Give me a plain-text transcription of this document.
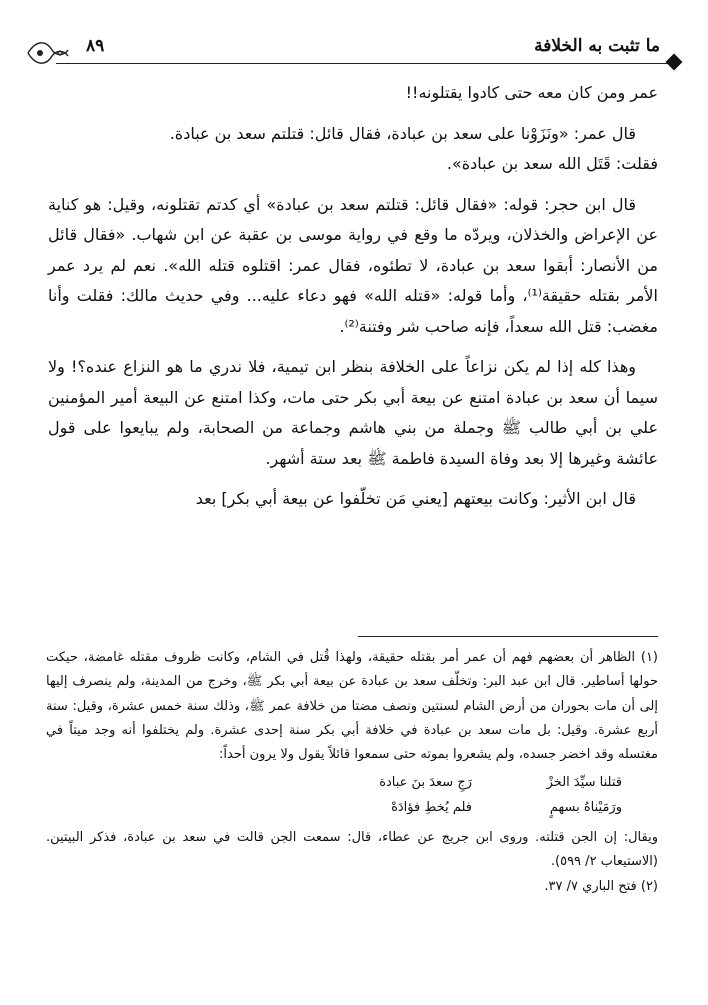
٨٩	ما تثبت به الخلافة

عمر ومن كان معه حتى كادوا يقتلونه!!

قال عمر: «ونَزَوْنا على سعد بن عبادة، فقال قائل: قتلتم سعد بن عبادة.

فقلت: قَتَل الله سعد بن عبادة».

قال ابن حجر: قوله: «فقال قائل: قتلتم سعد بن عبادة» أي كدتم تقتلونه، وقيل: هو كناية عن الإعراض والخذلان، ويردّه ما وقع في رواية موسى بن عقبة عن ابن شهاب. «فقال قائل من الأنصار: أبقوا سعد بن عبادة، لا تطئوه، فقال عمر: اقتلوه قتله الله». نعم لم يرد عمر الأمر بقتله حقيقة⁽¹⁾، وأما قوله: «قتله الله» فهو دعاء عليه... وفي حديث مالك: فقلت وأنا مغضب: قتل الله سعداً، فإنه صاحب شر وفتنة⁽²⁾.

وهذا كله إذا لم يكن نزاعاً على الخلافة بنظر ابن تيمية، فلا ندري ما هو النزاع عنده؟! ولا سيما أن سعد بن عبادة امتنع عن بيعة أبي بكر حتى مات، وكذا امتنع عن البيعة أمير المؤمنين علي بن أبي طالب ﷺ وجملة من بني هاشم وجماعة من الصحابة، ولم يبايعوا على قول عائشة وغيرها إلا بعد وفاة السيدة فاطمة ﷺ بعد ستة أشهر.

قال ابن الأثير: وكانت بيعتهم [يعني مَن تخلّفوا عن بيعة أبي بكر] بعد

(١) الظاهر أن بعضهم فهم أن عمر أمر بقتله حقيقة، ولهذا قُتل في الشام، وكانت ظروف مقتله غامضة، حيكت حولها أساطير. قال ابن عبد البر: وتخلّف سعد بن عبادة عن بيعة أبي بكر ﷺ، وخرج من المدينة، ولم ينصرف إليها إلى أن مات بحوران من أرض الشام لسنتين ونصف مضتا من خلافة عمر ﷺ، وذلك سنة خمس عشرة، وقيل: سنة أربع عشرة. وقيل: بل مات سعد بن عبادة في خلافة أبي بكر سنة إحدى عشرة. ولم يختلفوا أنه وجد ميتاً في مغتسله وقد اخضر جسده، ولم يشعروا بموته حتى سمعوا قائلاً يقول ولا يرون أحداً:

قتلنا سيِّدَ الخزْ
رَجِ سعدَ بنَ عبادة
ورَمَيْناهُ بسهمٍ
فلم يُخطِ فؤادَهْ

ويقال: إن الجن قتلته. وروى ابن جريج عن عطاء، قال: سمعت الجن قالت في سعد بن عبادة، فذكر البيتين. (الاستيعاب ٢/ ٥٩٩).

(٢) فتح الباري ٧/ ٣٧.
